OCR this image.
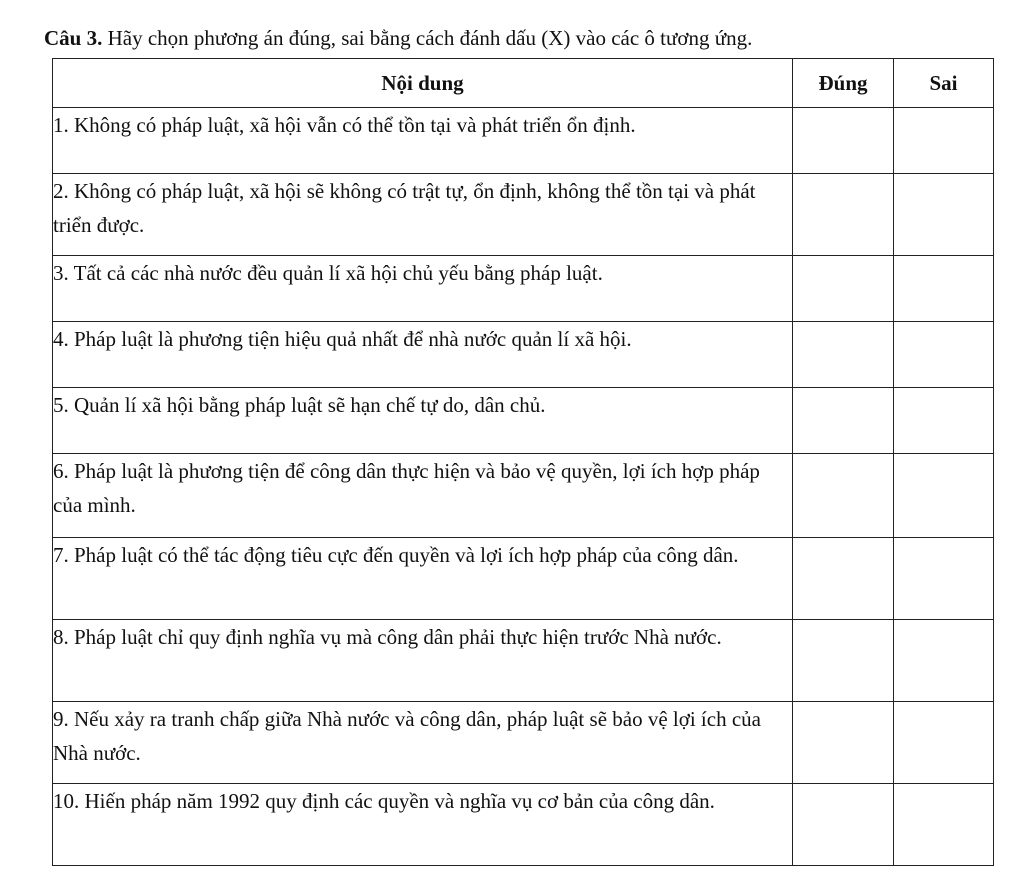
Câu 3. Hãy chọn phương án đúng, sai bằng cách đánh dấu (X) vào các ô tương ứng.
Nội dung	Đúng	Sai
1. Không có pháp luật, xã hội vẫn có thể tồn tại và phát triển ổn định.		
2. Không có pháp luật, xã hội sẽ không có trật tự, ổn định, không thể tồn tại và phát triển được.		
3. Tất cả các nhà nước đều quản lí xã hội chủ yếu bằng pháp luật.		
4. Pháp luật là phương tiện hiệu quả nhất để nhà nước quản lí xã hội.		
5. Quản lí xã hội bằng pháp luật sẽ hạn chế tự do, dân chủ.		
6. Pháp luật là phương tiện để công dân thực hiện và bảo vệ quyền, lợi ích hợp pháp của mình.		
7. Pháp luật có thể tác động tiêu cực đến quyền và lợi ích hợp pháp của công dân.		
8. Pháp luật chỉ quy định nghĩa vụ mà công dân phải thực hiện trước Nhà nước.		
9. Nếu xảy ra tranh chấp giữa Nhà nước và công dân, pháp luật sẽ bảo vệ lợi ích của Nhà nước.		
10. Hiến pháp năm 1992 quy định các quyền và nghĩa vụ cơ bản của công dân.		
